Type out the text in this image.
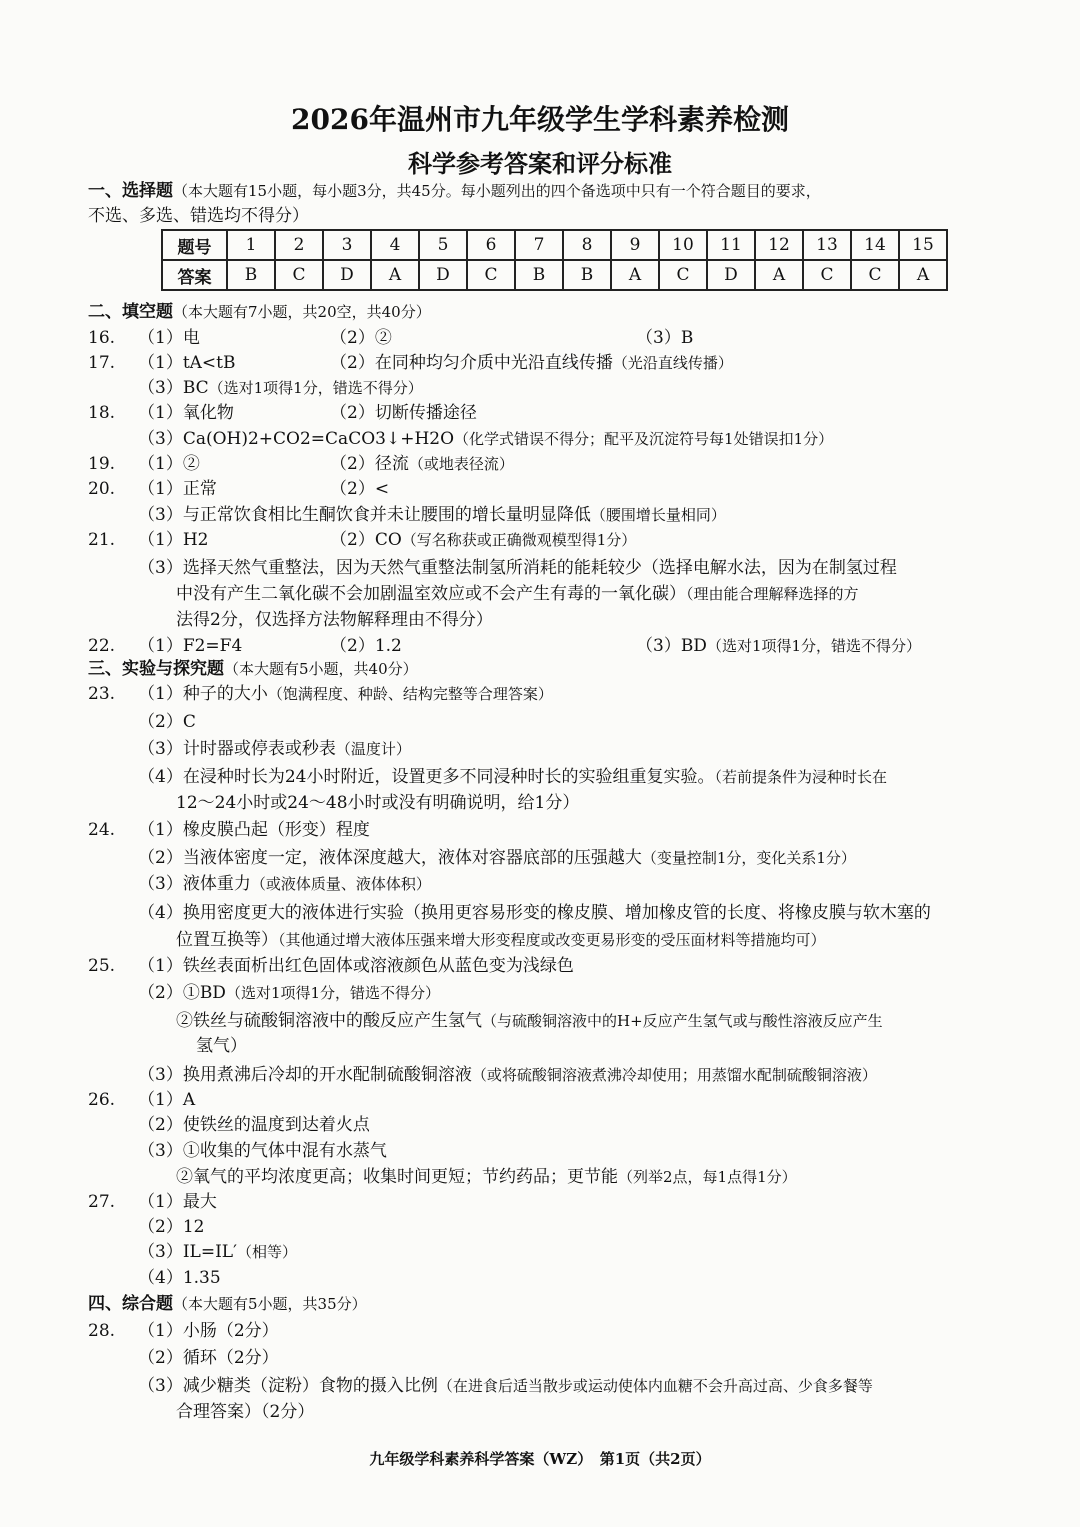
2026年温州市九年级学生学科素养检测
科学参考答案和评分标准
一、选择题（本大题有15小题，每小题3分，共45分。每小题列出的四个备选项中只有一个符合题目的要求，
不选、多选、错选均不得分）
题号	1	2	3	4	5	6	7	8	9	10	11	12	13	14	15
答案	B	C	D	A	D	C	B	B	A	C	D	A	C	C	A
二、填空题（本大题有7小题，共20空，共40分）
16. （1）电	（2）②	（3）B
17. （1）tA<tB	（2）在同种均匀介质中光沿直线传播（光沿直线传播）
（3）BC（选对1项得1分，错选不得分）
18. （1）氧化物	（2）切断传播途径
（3）Ca(OH)2+CO2=CaCO3↓+H2O（化学式错误不得分；配平及沉淀符号每1处错误扣1分）
19. （1）②	（2）径流（或地表径流）
20. （1）正常	（2）<
（3）与正常饮食相比生酮饮食并未让腰围的增长量明显降低（腰围增长量相同）
21. （1）H2	（2）CO（写名称获或正确微观模型得1分）
（3）选择天然气重整法，因为天然气重整法制氢所消耗的能耗较少（选择电解水法，因为在制氢过程
中没有产生二氧化碳不会加剧温室效应或不会产生有毒的一氧化碳）（理由能合理解释选择的方
法得2分，仅选择方法物解释理由不得分）
22. （1）F2=F4	（2）1.2	（3）BD（选对1项得1分，错选不得分）
三、实验与探究题（本大题有5小题，共40分）
23. （1）种子的大小（饱满程度、种龄、结构完整等合理答案）
（2）C
（3）计时器或停表或秒表（温度计）
（4）在浸种时长为24小时附近，设置更多不同浸种时长的实验组重复实验。（若前提条件为浸种时长在
12～24小时或24～48小时或没有明确说明，给1分）
24. （1）橡皮膜凸起（形变）程度
（2）当液体密度一定，液体深度越大，液体对容器底部的压强越大（变量控制1分，变化关系1分）
（3）液体重力（或液体质量、液体体积）
（4）换用密度更大的液体进行实验（换用更容易形变的橡皮膜、增加橡皮管的长度、将橡皮膜与软木塞的
位置互换等）（其他通过增大液体压强来增大形变程度或改变更易形变的受压面材料等措施均可）
25. （1）铁丝表面析出红色固体或溶液颜色从蓝色变为浅绿色
（2）①BD（选对1项得1分，错选不得分）
②铁丝与硫酸铜溶液中的酸反应产生氢气（与硫酸铜溶液中的H+反应产生氢气或与酸性溶液反应产生
氢气）
（3）换用煮沸后冷却的开水配制硫酸铜溶液（或将硫酸铜溶液煮沸冷却使用；用蒸馏水配制硫酸铜溶液）
26. （1）A
（2）使铁丝的温度到达着火点
（3）①收集的气体中混有水蒸气
②氧气的平均浓度更高；收集时间更短；节约药品；更节能（列举2点，每1点得1分）
27. （1）最大
（2）12
（3）IL=IL′（相等）
（4）1.35
四、综合题（本大题有5小题，共35分）
28. （1）小肠（2分）
（2）循环（2分）
（3）减少糖类（淀粉）食物的摄入比例（在进食后适当散步或运动使体内血糖不会升高过高、少食多餐等
合理答案）（2分）
九年级学科素养科学答案（WZ）　第1页（共2页）
